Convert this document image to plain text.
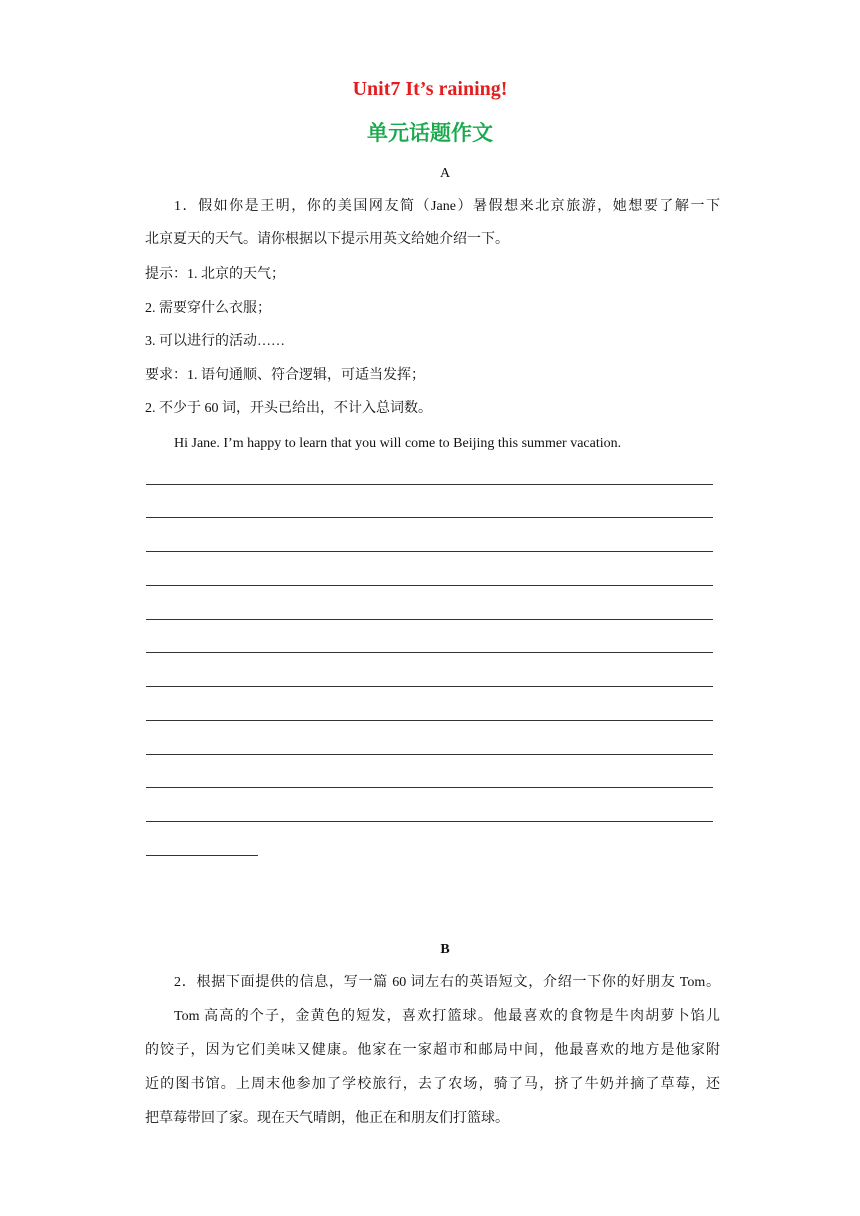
Unit7 It’s raining!
单元话题作文
A
1．假如你是王明，你的美国网友简（Jane）暑假想来北京旅游，她想要了解一下
北京夏天的天气。请你根据以下提示用英文给她介绍一下。
提示：1. 北京的天气；
2. 需要穿什么衣服；
3. 可以进行的活动……
要求：1. 语句通顺、符合逻辑，可适当发挥；
2. 不少于 60 词，开头已给出，不计入总词数。
Hi Jane. I’m happy to learn that you will come to Beijing this summer vacation.
B
2．根据下面提供的信息，写一篇 60 词左右的英语短文，介绍一下你的好朋友 Tom。
Tom 高高的个子，金黄色的短发，喜欢打篮球。他最喜欢的食物是牛肉胡萝卜馅儿
的饺子，因为它们美味又健康。他家在一家超市和邮局中间，他最喜欢的地方是他家附
近的图书馆。上周末他参加了学校旅行，去了农场，骑了马，挤了牛奶并摘了草莓，还
把草莓带回了家。现在天气晴朗，他正在和朋友们打篮球。
